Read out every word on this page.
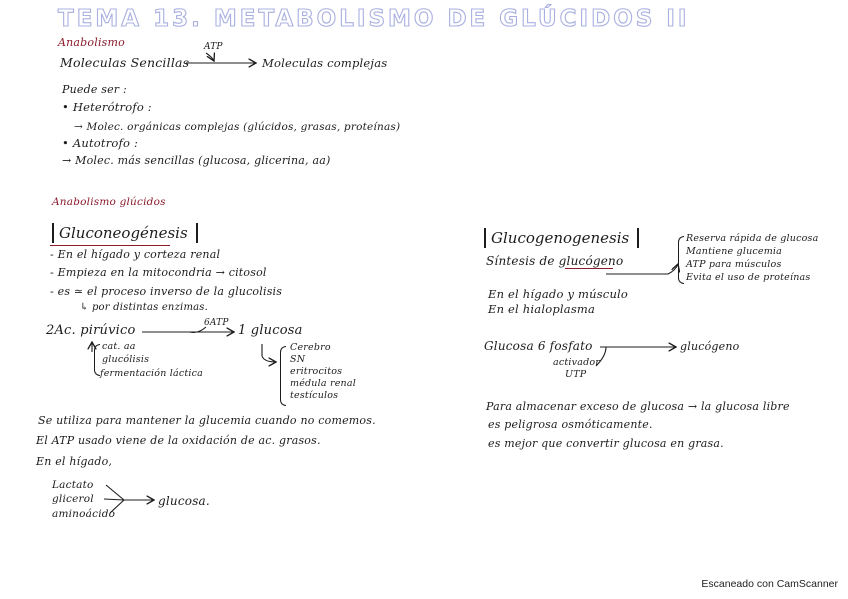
TEMA 13. METABOLISMO DE GLÚCIDOS II
Anabolismo
Moleculas Sencillas
ATP
Moleculas complejas
Puede ser :
• Heterótrofo :
→ Molec. orgánicas complejas (glúcidos, grasas, proteínas)
• Autotrofo :
→ Molec. más sencillas (glucosa, glicerina, aa)
Anabolismo glúcidos
Gluconeogénesis
- En el hígado y corteza renal
- Empieza en la mitocondria → citosol
- es ≃ el proceso inverso de la glucolisis
↳ por distintas enzimas.
2Ac. pirúvico	6ATP 1 glucosa
cat. aa
glucólisis
fermentación láctica
Cerebro
SN
eritrocitos
médula renal
testículos
Se utiliza para mantener la glucemia cuando no comemos.
El ATP usado viene de la oxidación de ac. grasos.
En el hígado,
Lactato
glicerol
aminoácido
glucosa.
Glucogenogenesis
Síntesis de glucógeno
Reserva rápida de glucosa
Mantiene glucemia
ATP para músculos
Evita el uso de proteínas
En el hígado y músculo
En el hialoplasma
Glucosa 6 fosfato	glucógeno
activador
UTP
Para almacenar exceso de glucosa → la glucosa libre
es peligrosa osmóticamente.
es mejor que convertir glucosa en grasa.
Escaneado con CamScanner
